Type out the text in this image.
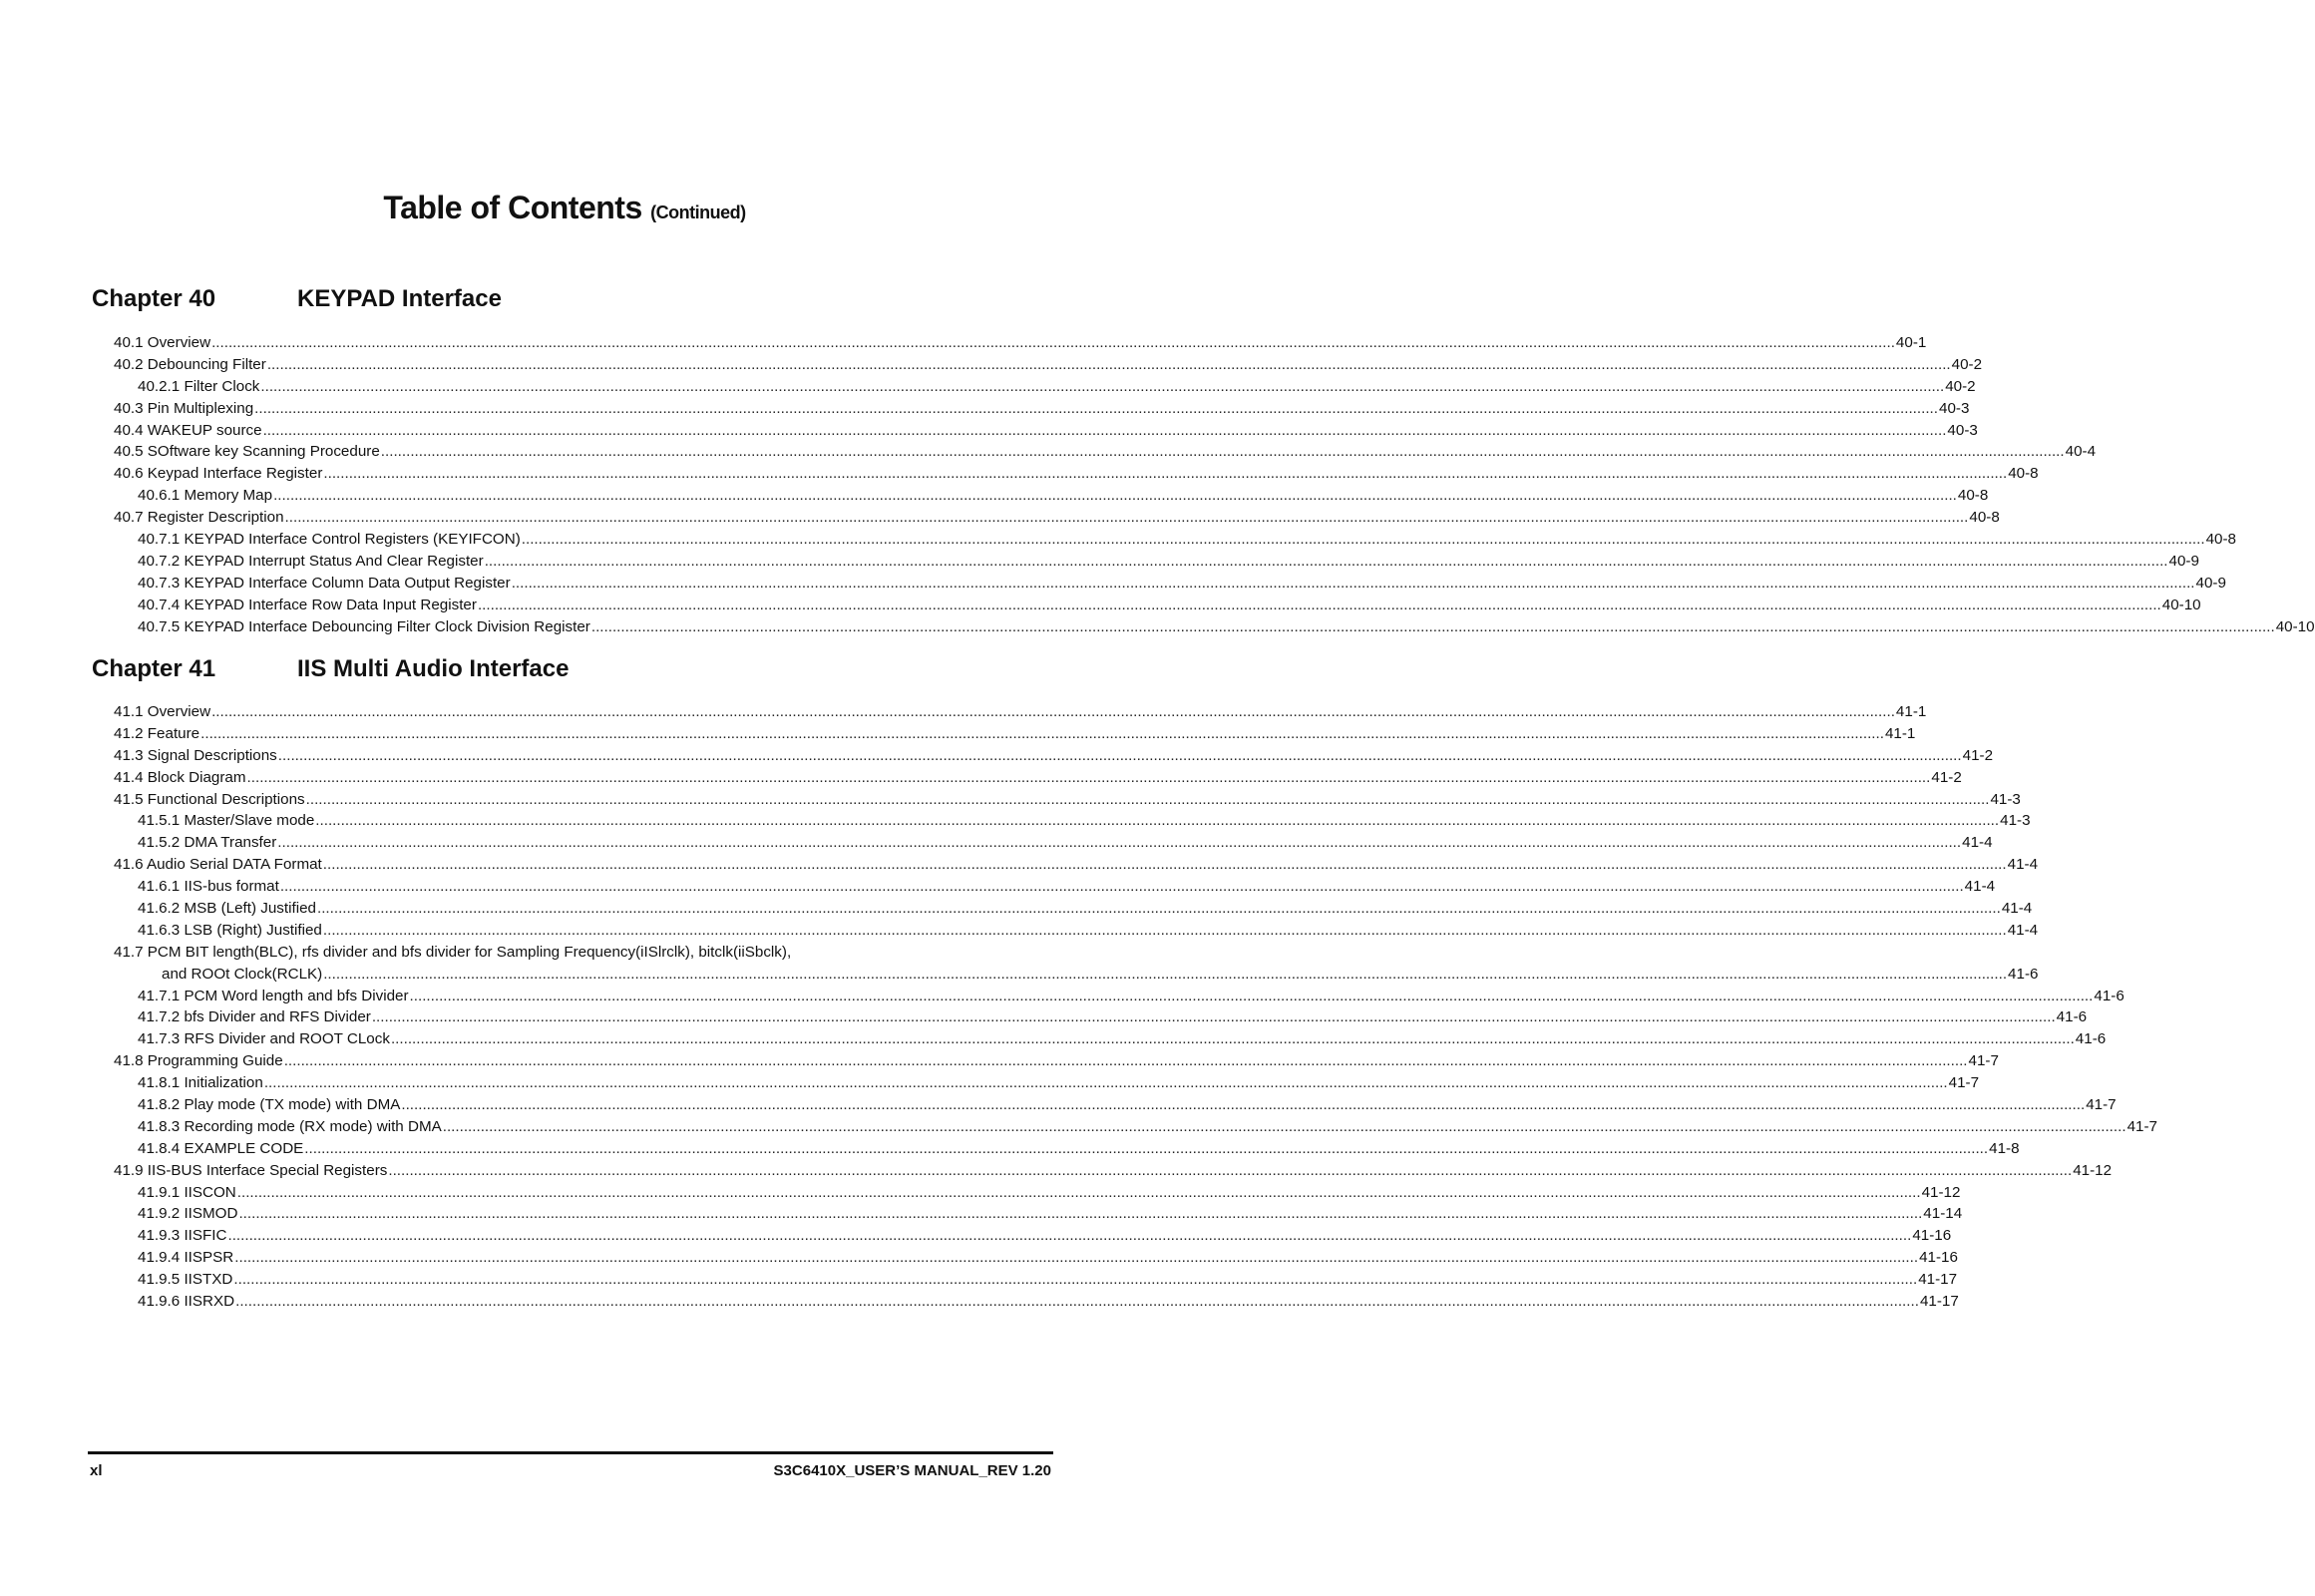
Table of Contents (Continued)
Chapter 40	KEYPAD Interface
40.1 Overview ................................................................................................................................................................................................................................................................................................................................................................................................................ 40-1
40.2 Debouncing Filter ................................................................................................................................................................................................................................................................................................................................................................................................................ 40-2
40.2.1 Filter Clock ................................................................................................................................................................................................................................................................................................................................................................................................................ 40-2
40.3 Pin Multiplexing ................................................................................................................................................................................................................................................................................................................................................................................................................ 40-3
40.4 WAKEUP source ................................................................................................................................................................................................................................................................................................................................................................................................................ 40-3
40.5 SOftware key Scanning Procedure ................................................................................................................................................................................................................................................................................................................................................................................................................ 40-4
40.6 Keypad Interface Register ................................................................................................................................................................................................................................................................................................................................................................................................................ 40-8
40.6.1 Memory Map ................................................................................................................................................................................................................................................................................................................................................................................................................ 40-8
40.7 Register Description ................................................................................................................................................................................................................................................................................................................................................................................................................ 40-8
40.7.1 KEYPAD Interface Control Registers (KEYIFCON) ................................................................................................................................................................................................................................................................................................................................................................................................................ 40-8
40.7.2 KEYPAD Interrupt Status And Clear Register ................................................................................................................................................................................................................................................................................................................................................................................................................ 40-9
40.7.3 KEYPAD Interface Column Data Output Register ................................................................................................................................................................................................................................................................................................................................................................................................................ 40-9
40.7.4 KEYPAD Interface Row Data Input Register ................................................................................................................................................................................................................................................................................................................................................................................................................ 40-10
40.7.5 KEYPAD Interface Debouncing Filter Clock Division Register ................................................................................................................................................................................................................................................................................................................................................................................................................ 40-10
Chapter 41	IIS Multi Audio Interface
41.1 Overview ................................................................................................................................................................................................................................................................................................................................................................................................................ 41-1
41.2 Feature ................................................................................................................................................................................................................................................................................................................................................................................................................ 41-1
41.3 Signal Descriptions ................................................................................................................................................................................................................................................................................................................................................................................................................ 41-2
41.4 Block Diagram ................................................................................................................................................................................................................................................................................................................................................................................................................ 41-2
41.5 Functional Descriptions ................................................................................................................................................................................................................................................................................................................................................................................................................ 41-3
41.5.1 Master/Slave mode ................................................................................................................................................................................................................................................................................................................................................................................................................ 41-3
41.5.2 DMA Transfer ................................................................................................................................................................................................................................................................................................................................................................................................................ 41-4
41.6 Audio Serial DATA Format ................................................................................................................................................................................................................................................................................................................................................................................................................ 41-4
41.6.1 IIS-bus format ................................................................................................................................................................................................................................................................................................................................................................................................................ 41-4
41.6.2 MSB (Left) Justified ................................................................................................................................................................................................................................................................................................................................................................................................................ 41-4
41.6.3 LSB (Right) Justified ................................................................................................................................................................................................................................................................................................................................................................................................................ 41-4
41.7 PCM BIT length(BLC), rfs divider and bfs divider for Sampling Frequency(iISlrclk), bitclk(iiSbclk),
and ROOt Clock(RCLK) ................................................................................................................................................................................................................................................................................................................................................................................................................ 41-6
41.7.1 PCM Word length and bfs Divider ................................................................................................................................................................................................................................................................................................................................................................................................................ 41-6
41.7.2 bfs Divider and RFS Divider ................................................................................................................................................................................................................................................................................................................................................................................................................ 41-6
41.7.3 RFS Divider and ROOT CLock ................................................................................................................................................................................................................................................................................................................................................................................................................ 41-6
41.8 Programming Guide ................................................................................................................................................................................................................................................................................................................................................................................................................ 41-7
41.8.1 Initialization ................................................................................................................................................................................................................................................................................................................................................................................................................ 41-7
41.8.2 Play mode (TX mode) with DMA ................................................................................................................................................................................................................................................................................................................................................................................................................ 41-7
41.8.3 Recording mode (RX mode) with DMA ................................................................................................................................................................................................................................................................................................................................................................................................................ 41-7
41.8.4 EXAMPLE CODE ................................................................................................................................................................................................................................................................................................................................................................................................................ 41-8
41.9 IIS-BUS Interface Special Registers ................................................................................................................................................................................................................................................................................................................................................................................................................ 41-12
41.9.1 IISCON ................................................................................................................................................................................................................................................................................................................................................................................................................ 41-12
41.9.2 IISMOD ................................................................................................................................................................................................................................................................................................................................................................................................................ 41-14
41.9.3 IISFIC ................................................................................................................................................................................................................................................................................................................................................................................................................ 41-16
41.9.4 IISPSR ................................................................................................................................................................................................................................................................................................................................................................................................................ 41-16
41.9.5 IISTXD ................................................................................................................................................................................................................................................................................................................................................................................................................ 41-17
41.9.6 IISRXD ................................................................................................................................................................................................................................................................................................................................................................................................................ 41-17
xl	S3C6410X_USER’S MANUAL_REV 1.20
